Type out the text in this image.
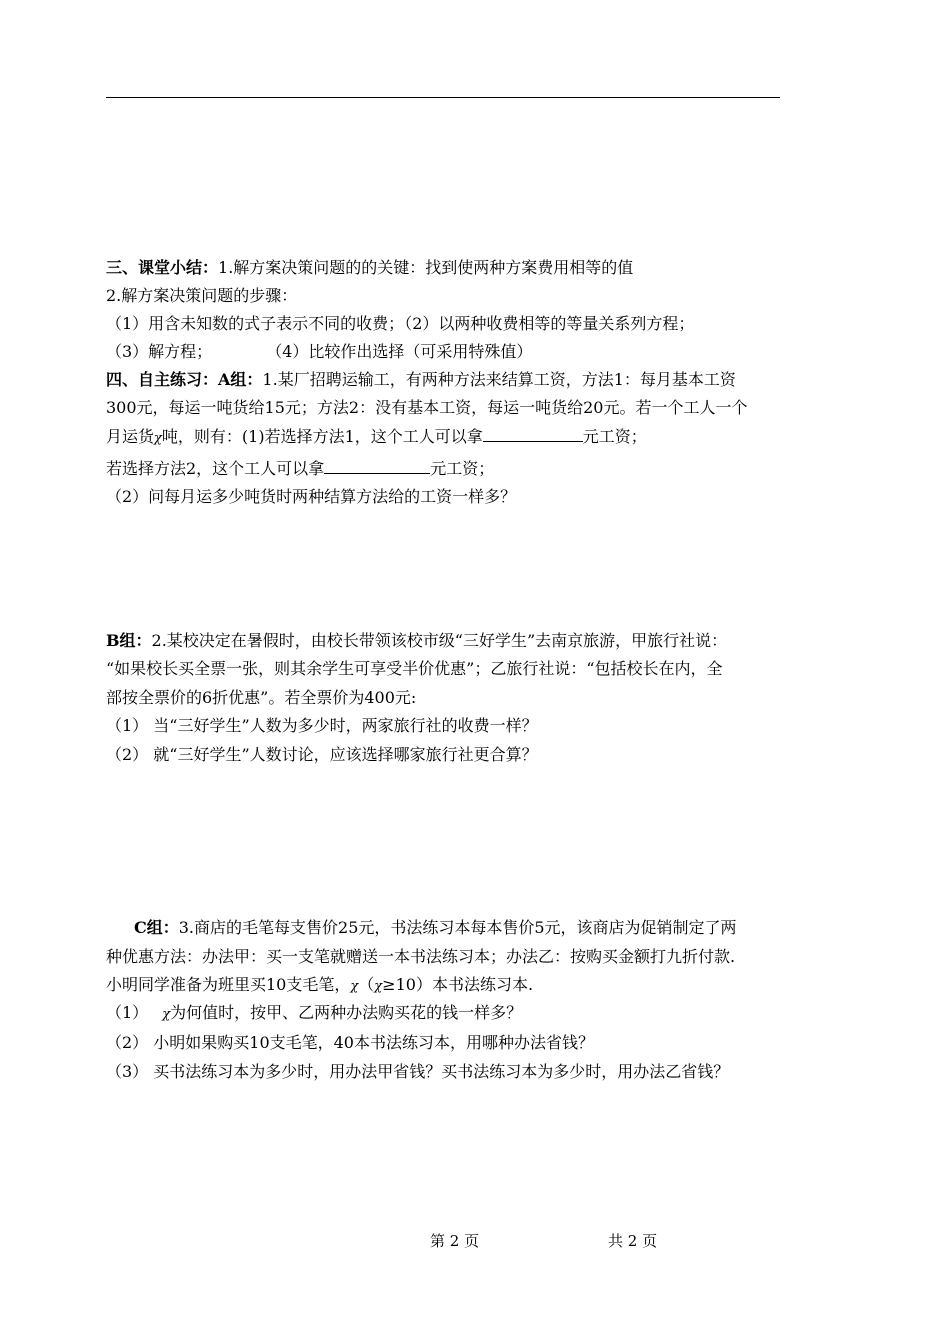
三、课堂小结：1.解方案决策问题的的关键：找到使两种方案费用相等的值
2.解方案决策问题的步骤：
（1）用含未知数的式子表示不同的收费；（2）以两种收费相等的等量关系列方程；
（3）解方程；	（4）比较作出选择（可采用特殊值）
四、自主练习：A组：1.某厂招聘运输工，有两种方法来结算工资，方法1：每月基本工资
300元，每运一吨货给15元；方法2：没有基本工资，每运一吨货给20元。若一个工人一个
月运货χ吨，则有：(1)若选择方法1，这个工人可以拿	元工资；
若选择方法2，这个工人可以拿	元工资；
（2）问每月运多少吨货时两种结算方法给的工资一样多？
B组：2.某校决定在暑假时，由校长带领该校市级“三好学生”去南京旅游，甲旅行社说：
“如果校长买全票一张，则其余学生可享受半价优惠”；乙旅行社说：“包括校长在内，全
部按全票价的6折优惠”。若全票价为400元:
（1） 当“三好学生”人数为多少时，两家旅行社的收费一样？
（2） 就“三好学生”人数讨论，应该选择哪家旅行社更合算？
C组：3.商店的毛笔每支售价25元，书法练习本每本售价5元，该商店为促销制定了两
种优惠方法：办法甲：买一支笔就赠送一本书法练习本；办法乙：按购买金额打九折付款.
小明同学准备为班里买10支毛笔，χ（χ≥10）本书法练习本.
（1） χ为何值时，按甲、乙两种办法购买花的钱一样多？
（2） 小明如果购买10支毛笔，40本书法练习本，用哪种办法省钱？
（3） 买书法练习本为多少时，用办法甲省钱？买书法练习本为多少时，用办法乙省钱？
第 2 页	共 2 页
